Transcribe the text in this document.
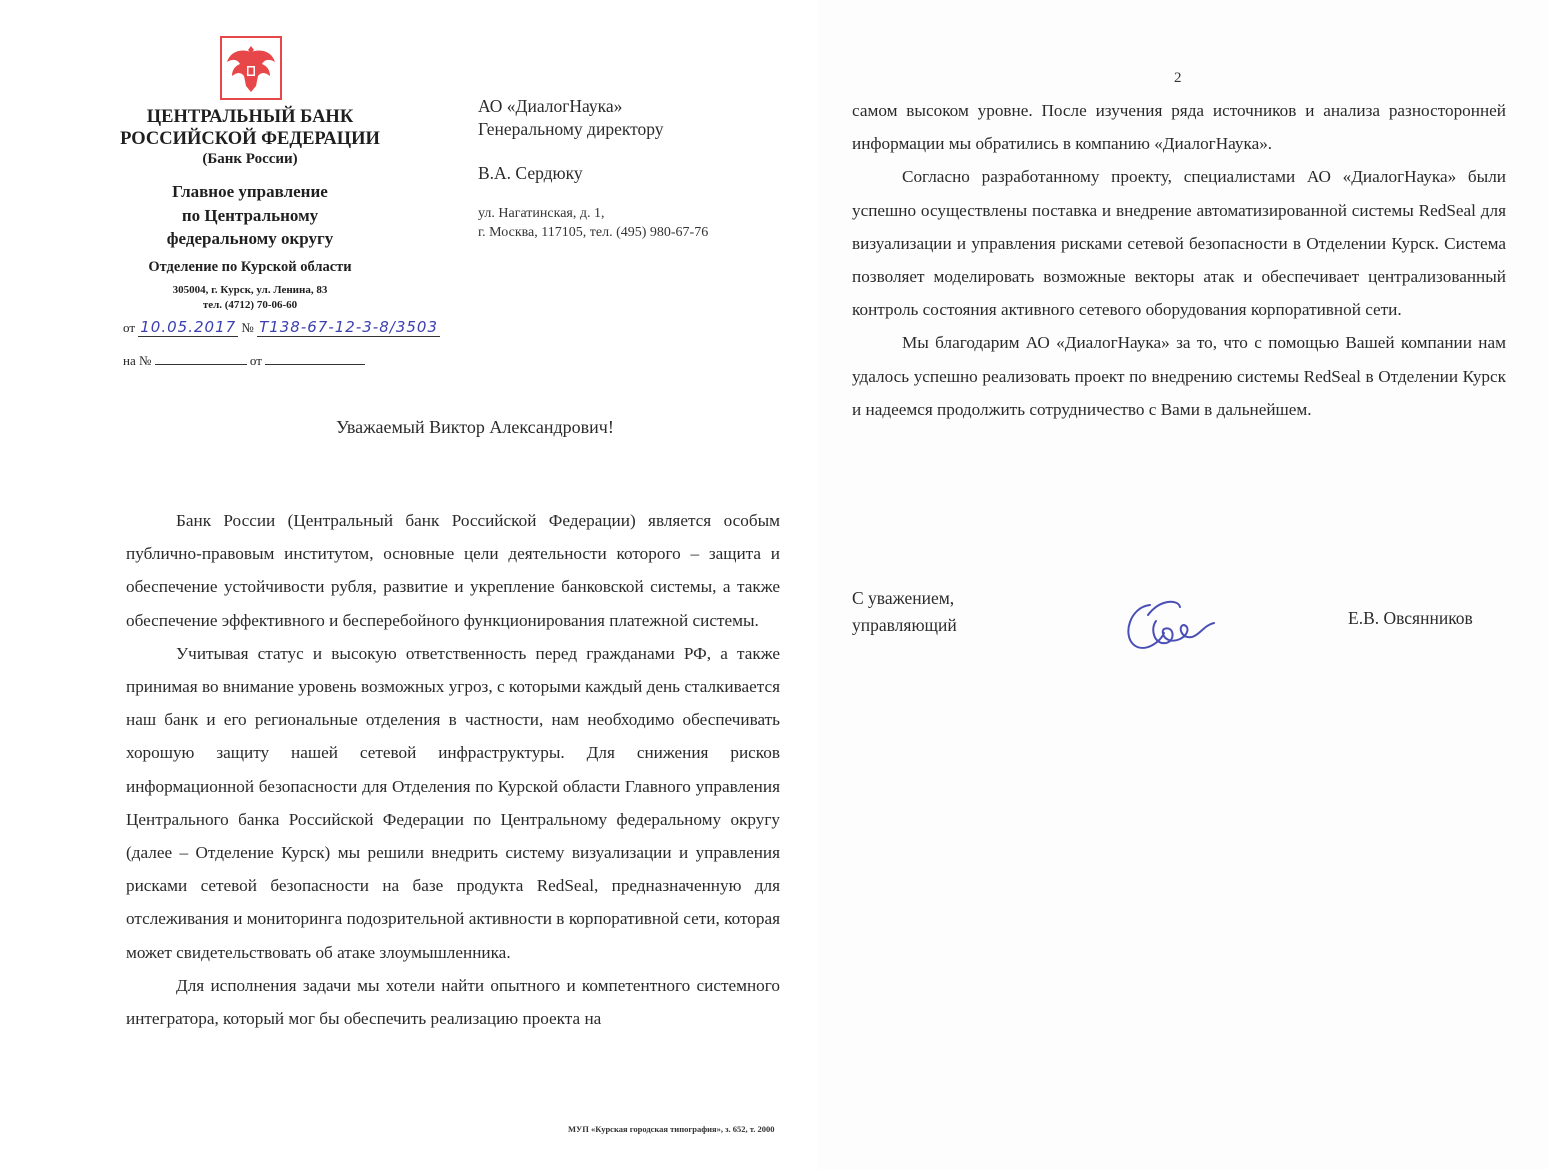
ЦЕНТРАЛЬНЫЙ БАНК
РОССИЙСКОЙ ФЕДЕРАЦИИ
(Банк России)
Главное управление
по Центральному
федеральному округу
Отделение по Курской области
305004, г. Курск, ул. Ленина, 83
тел. (4712) 70-06-60
от 10.05.2017 № Т138-67-12-3-8/3503
на №	от
АО «ДиалогНаука»
Генеральному директору
В.А. Сердюку
ул. Нагатинская, д. 1,
г. Москва, 117105, тел. (495) 980-67-76
Уважаемый Виктор Александрович!

Банк России (Центральный банк Российской Федерации) является особым публично-правовым институтом, основные цели деятельности которого – защита и обеспечение устойчивости рубля, развитие и укрепление банковской системы, а также обеспечение эффективного и бесперебойного функционирования платежной системы.

Учитывая статус и высокую ответственность перед гражданами РФ, а также принимая во внимание уровень возможных угроз, с которыми каждый день сталкивается наш банк и его региональные отделения в частности, нам необходимо обеспечивать хорошую защиту нашей сетевой инфраструктуры. Для снижения рисков информационной безопасности для Отделения по Курской области Главного управления Центрального банка Российской Федерации по Центральному федеральному округу (далее – Отделение Курск) мы решили внедрить систему визуализации и управления рисками сетевой безопасности на базе продукта RedSeal, предназначенную для отслеживания и мониторинга подозрительной активности в корпоративной сети, которая может свидетельствовать об атаке злоумышленника.

Для исполнения задачи мы хотели найти опытного и компетентного системного интегратора, который мог бы обеспечить реализацию проекта на

МУП «Курская городская типография», з. 652, т. 2000
2

самом высоком уровне. После изучения ряда источников и анализа разносторонней информации мы обратились в компанию «ДиалогНаука».

Согласно разработанному проекту, специалистами АО «ДиалогНаука» были успешно осуществлены поставка и внедрение автоматизированной системы RedSeal для визуализации и управления рисками сетевой безопасности в Отделении Курск. Система позволяет моделировать возможные векторы атак и обеспечивает централизованный контроль состояния активного сетевого оборудования корпоративной сети.

Мы благодарим АО «ДиалогНаука» за то, что с помощью Вашей компании нам удалось успешно реализовать проект по внедрению системы RedSeal в Отделении Курск и надеемся продолжить сотрудничество с Вами в дальнейшем.

С уважением,
управляющий	Е.В. Овсянников
